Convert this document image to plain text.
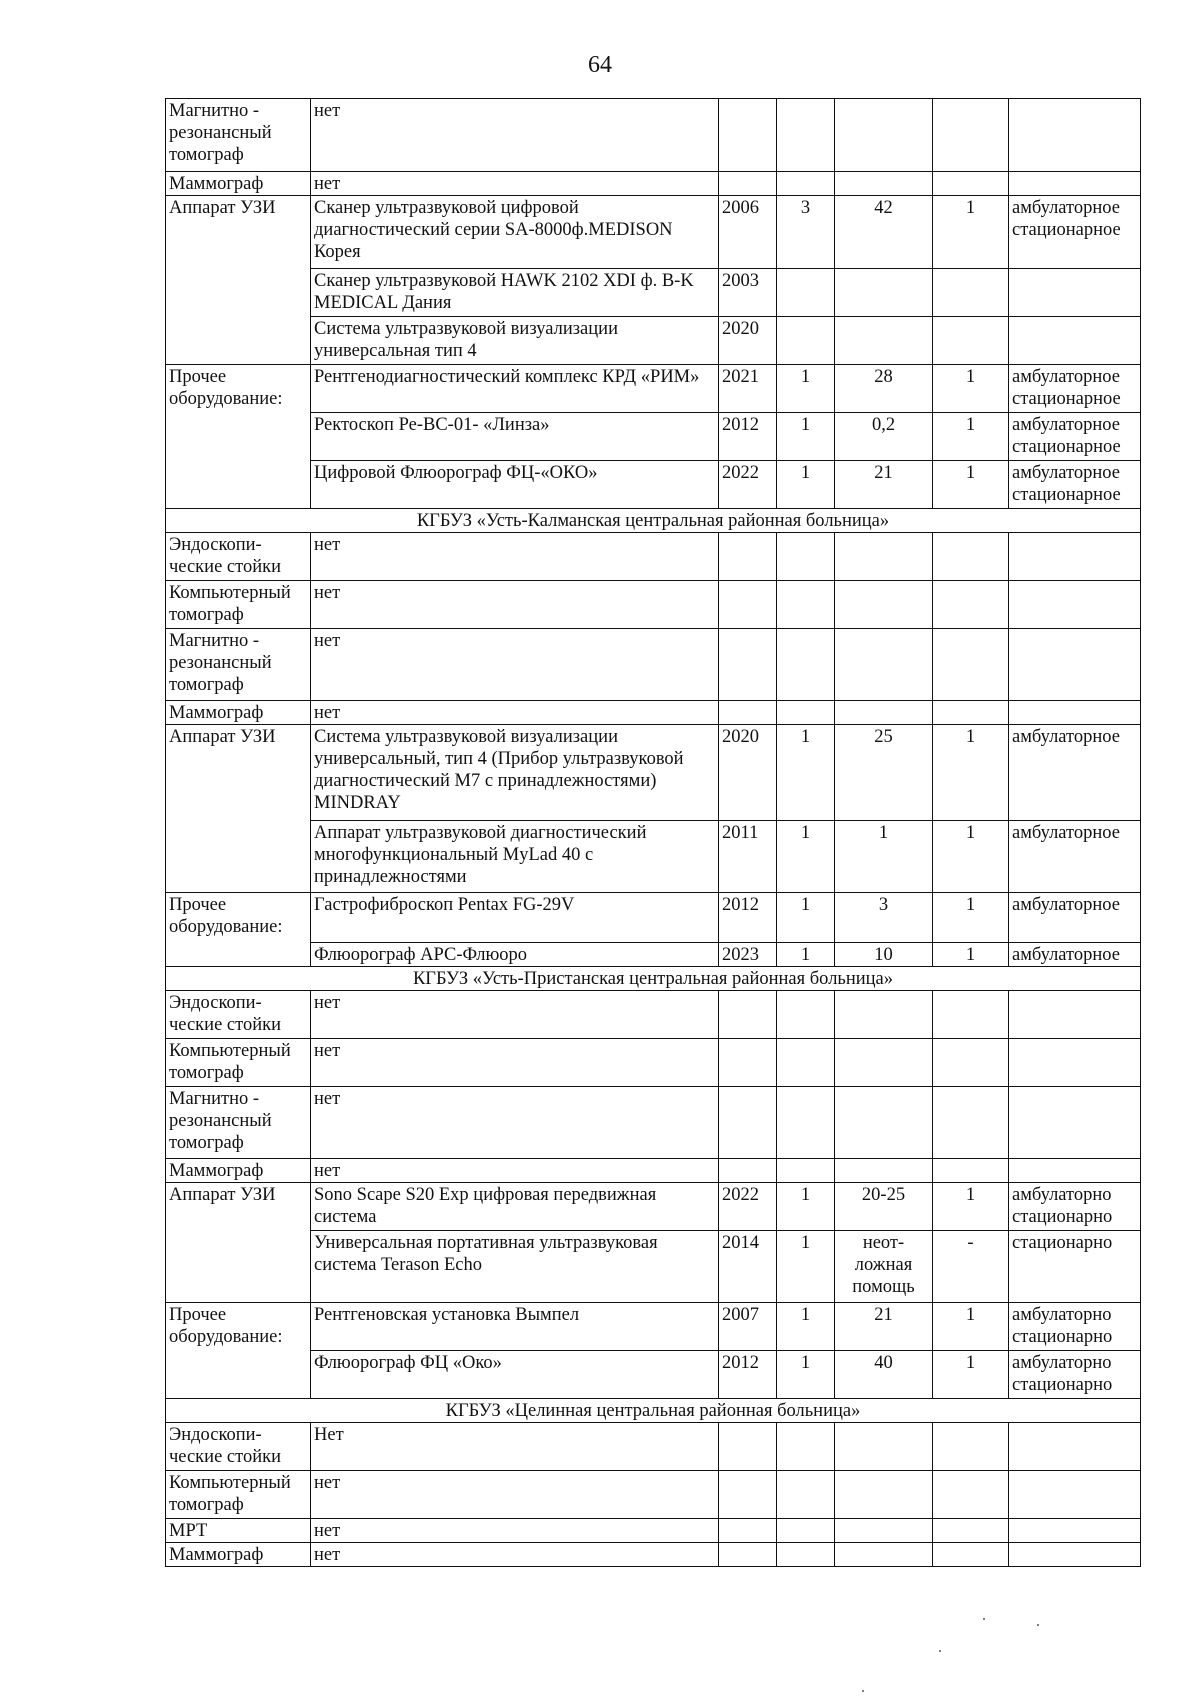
64
Магнитно - резонансный томограф	нет					
Маммограф	нет					
Аппарат УЗИ	Сканер ультразвуковой цифровой диагностический серии SA-8000ф.MEDISON Корея	2006	3	42	1	амбулаторное стационарное
	Сканер ультразвуковой HAWK 2102 XDI ф. B-K MEDICAL Дания	2003				
	Система ультразвуковой визуализации универсальная тип 4	2020				
Прочее оборудование:	Рентгенодиагностический комплекс КРД «РИМ»	2021	1	28	1	амбулаторное стационарное
	Ректоскоп Ре-ВС-01- «Линза»	2012	1	0,2	1	амбулаторное стационарное
	Цифровой Флюорограф ФЦ-«ОКО»	2022	1	21	1	амбулаторное стационарное
КГБУЗ «Усть-Калманская центральная районная больница»						
Эндоскопи-ческие стойки	нет					
Компьютерный томограф	нет					
Магнитно - резонансный томограф	нет					
Маммограф	нет					
Аппарат УЗИ	Система ультразвуковой визуализации универсальный, тип 4 (Прибор ультразвуковой диагностический М7 с принадлежностями) MINDRAY	2020	1	25	1	амбулаторное
	Аппарат ультразвуковой диагностический многофункциональный MyLad 40 с принадлежностями	2011	1	1	1	амбулаторное
Прочее оборудование:	Гастрофиброскоп Pentax FG-29V	2012	1	3	1	амбулаторное
	Флюорограф АРС-Флюоро	2023	1	10	1	амбулаторное
КГБУЗ «Усть-Пристанская центральная районная больница»						
Эндоскопи-ческие стойки	нет					
Компьютерный томограф	нет					
Магнитно - резонансный томограф	нет					
Маммограф	нет					
Аппарат УЗИ	Sono Scape S20 Exp цифровая передвижная система	2022	1	20-25	1	амбулаторно стационарно
	Универсальная портативная ультразвуковая система Terason Echo	2014	1	неот-ложная помощь	-	стационарно
Прочее оборудование:	Рентгеновская установка Вымпел	2007	1	21	1	амбулаторно стационарно
	Флюорограф ФЦ «Око»	2012	1	40	1	амбулаторно стационарно
КГБУЗ «Целинная центральная районная больница»						
Эндоскопи-ческие стойки	Нет					
Компьютерный томограф	нет					
МРТ	нет					
Маммограф	нет					
